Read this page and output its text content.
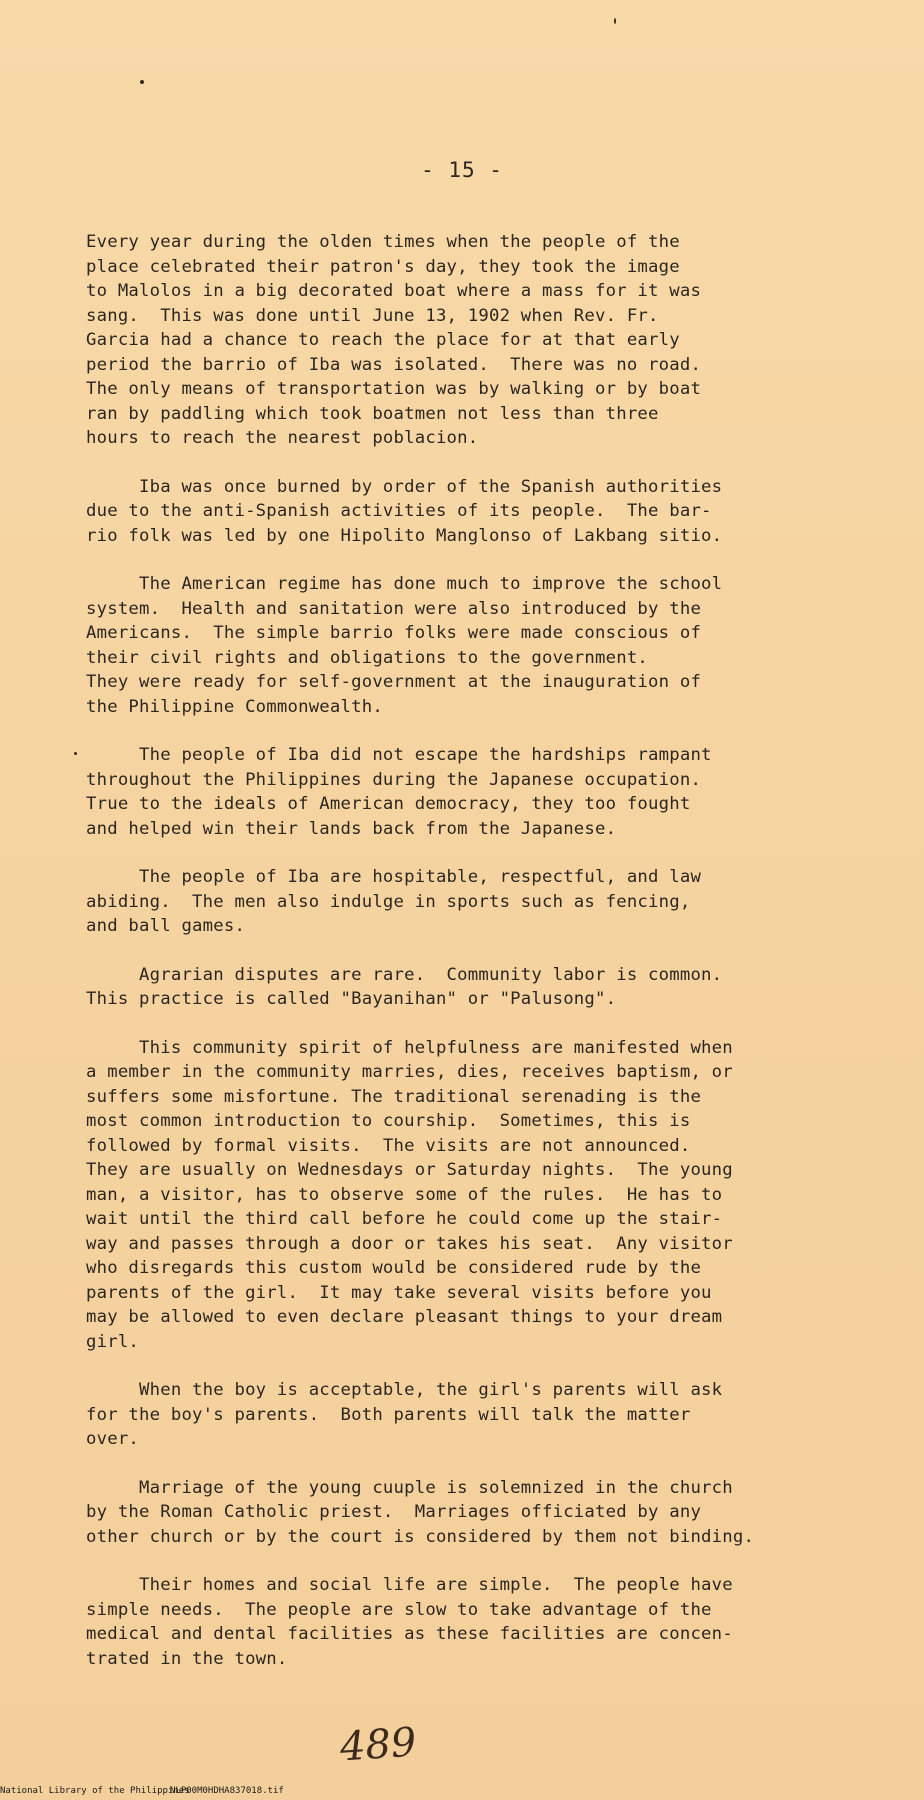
- 15 -

Every year during the olden times when the people of the
place celebrated their patron's day, they took the image
to Malolos in a big decorated boat where a mass for it was
sang.  This was done until June 13, 1902 when Rev. Fr.
Garcia had a chance to reach the place for at that early
period the barrio of Iba was isolated.  There was no road.
The only means of transportation was by walking or by boat
ran by paddling which took boatmen not less than three
hours to reach the nearest poblacion.

Iba was once burned by order of the Spanish authorities
due to the anti-Spanish activities of its people.  The bar-
rio folk was led by one Hipolito Manglonso of Lakbang sitio.

The American regime has done much to improve the school
system.  Health and sanitation were also introduced by the
Americans.  The simple barrio folks were made conscious of
their civil rights and obligations to the government.
They were ready for self-government at the inauguration of
the Philippine Commonwealth.

The people of Iba did not escape the hardships rampant
throughout the Philippines during the Japanese occupation.
True to the ideals of American democracy, they too fought
and helped win their lands back from the Japanese.

The people of Iba are hospitable, respectful, and law
abiding.  The men also indulge in sports such as fencing,
and ball games.

Agrarian disputes are rare.  Community labor is common.
This practice is called "Bayanihan" or "Palusong".

This community spirit of helpfulness are manifested when
a member in the community marries, dies, receives baptism, or
suffers some misfortune. The traditional serenading is the
most common introduction to courship.  Sometimes, this is
followed by formal visits.  The visits are not announced.
They are usually on Wednesdays or Saturday nights.  The young
man, a visitor, has to observe some of the rules.  He has to
wait until the third call before he could come up the stair-
way and passes through a door or takes his seat.  Any visitor
who disregards this custom would be considered rude by the
parents of the girl.  It may take several visits before you
may be allowed to even declare pleasant things to your dream
girl.

When the boy is acceptable, the girl's parents will ask
for the boy's parents.  Both parents will talk the matter
over.

Marriage of the young cuuple is solemnized in the church
by the Roman Catholic priest.  Marriages officiated by any
other church or by the court is considered by them not binding.

Their homes and social life are simple.  The people have
simple needs.  The people are slow to take advantage of the
medical and dental facilities as these facilities are concen-
trated in the town.

489
National Library of the Philippines
NLP00M0HDHA837018.tif
